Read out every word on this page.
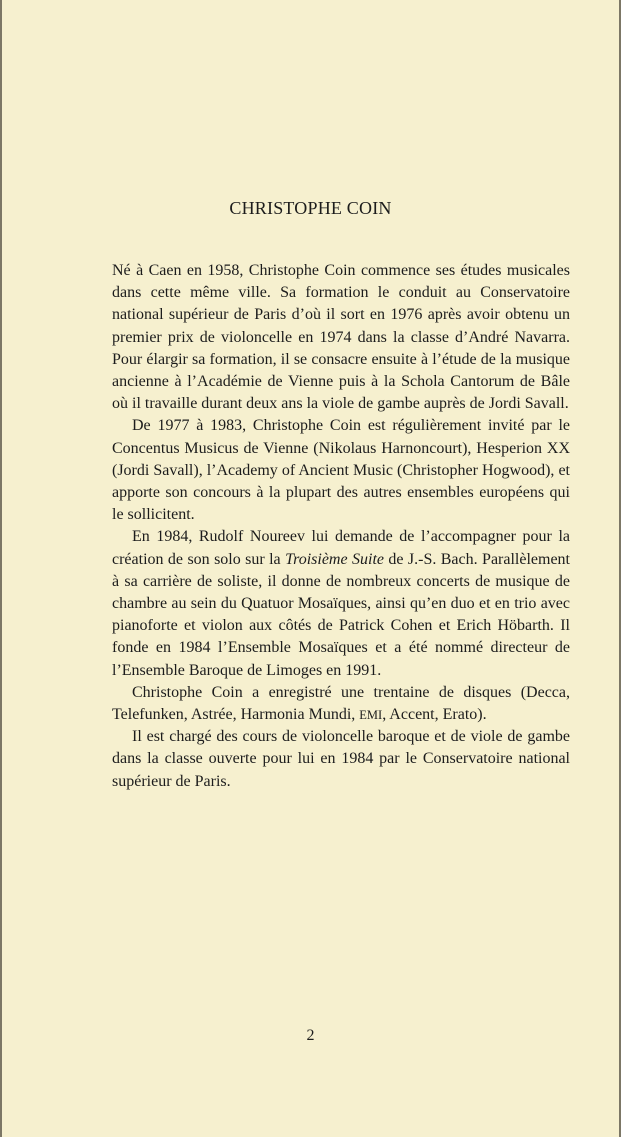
CHRISTOPHE COIN

Né à Caen en 1958, Christophe Coin commence ses études musicales dans cette même ville. Sa formation le conduit au Conservatoire national supérieur de Paris d’où il sort en 1976 après avoir obtenu un premier prix de violoncelle en 1974 dans la classe d’André Navarra. Pour élargir sa formation, il se consacre ensuite à l’étude de la musique ancienne à l’Académie de Vienne puis à la Schola Cantorum de Bâle où il travaille durant deux ans la viole de gambe auprès de Jordi Savall.

De 1977 à 1983, Christophe Coin est régulièrement invité par le Concentus Musicus de Vienne (Nikolaus Harnoncourt), Hesperion XX (Jordi Savall), l’Academy of Ancient Music (Christopher Hogwood), et apporte son concours à la plupart des autres ensembles européens qui le sollicitent.

En 1984, Rudolf Noureev lui demande de l’accompagner pour la création de son solo sur la Troisième Suite de J.-S. Bach. Parallèlement à sa carrière de soliste, il donne de nombreux concerts de musique de chambre au sein du Quatuor Mosaïques, ainsi qu’en duo et en trio avec pianoforte et violon aux côtés de Patrick Cohen et Erich Höbarth. Il fonde en 1984 l’Ensemble Mosaïques et a été nommé directeur de l’Ensemble Baroque de Limoges en 1991.

Christophe Coin a enregistré une trentaine de disques (Decca, Telefunken, Astrée, Harmonia Mundi, EMI, Accent, Erato).

Il est chargé des cours de violoncelle baroque et de viole de gambe dans la classe ouverte pour lui en 1984 par le Conservatoire national supérieur de Paris.

2
